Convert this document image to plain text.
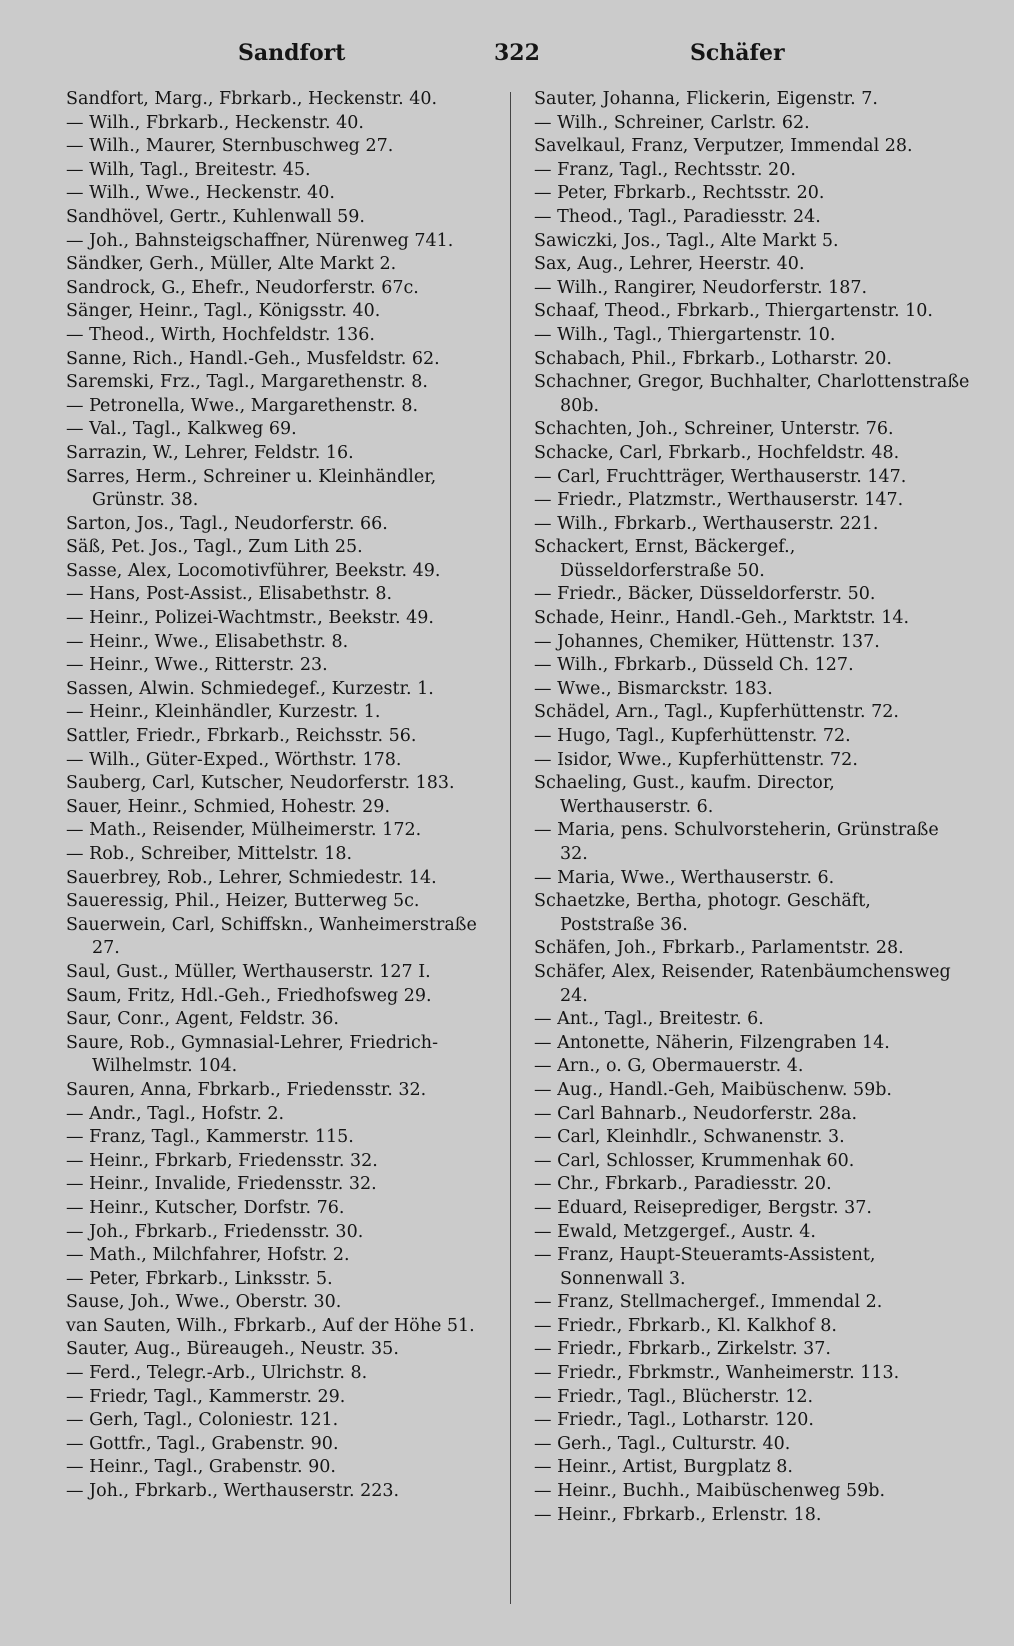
Sandfort	322	Schäfer

Sandfort, Marg., Fbrkarb., Heckenstr. 40.

— Wilh., Fbrkarb., Heckenstr. 40.

— Wilh., Maurer, Sternbuschweg 27.

— Wilh, Tagl., Breitestr. 45.

— Wilh., Wwe., Heckenstr. 40.

Sandhövel, Gertr., Kuhlenwall 59.

— Joh., Bahnsteigschaffner, Nürenweg 741.

Sändker, Gerh., Müller, Alte Markt 2.

Sandrock, G., Ehefr., Neudorferstr. 67c.

Sänger, Heinr., Tagl., Königsstr. 40.

— Theod., Wirth, Hochfeldstr. 136.

Sanne, Rich., Handl.-Geh., Musfeldstr. 62.

Saremski, Frz., Tagl., Margarethenstr. 8.

— Petronella, Wwe., Margarethenstr. 8.

— Val., Tagl., Kalkweg 69.

Sarrazin, W., Lehrer, Feldstr. 16.

Sarres, Herm., Schreiner u. Kleinhändler, Grünstr. 38.

Sarton, Jos., Tagl., Neudorferstr. 66.

Säß, Pet. Jos., Tagl., Zum Lith 25.

Sasse, Alex, Locomotivführer, Beekstr. 49.

— Hans, Post-Assist., Elisabethstr. 8.

— Heinr., Polizei-Wachtmstr., Beekstr. 49.

— Heinr., Wwe., Elisabethstr. 8.

— Heinr., Wwe., Ritterstr. 23.

Sassen, Alwin. Schmiedegef., Kurzestr. 1.

— Heinr., Kleinhändler, Kurzestr. 1.

Sattler, Friedr., Fbrkarb., Reichsstr. 56.

— Wilh., Güter-Exped., Wörthstr. 178.

Sauberg, Carl, Kutscher, Neudorferstr. 183.

Sauer, Heinr., Schmied, Hohestr. 29.

— Math., Reisender, Mülheimerstr. 172.

— Rob., Schreiber, Mittelstr. 18.

Sauerbrey, Rob., Lehrer, Schmiedestr. 14.

Saueressig, Phil., Heizer, Butterweg 5c.

Sauerwein, Carl, Schiffskn., Wanheimerstraße 27.

Saul, Gust., Müller, Werthauserstr. 127 I.

Saum, Fritz, Hdl.-Geh., Friedhofsweg 29.

Saur, Conr., Agent, Feldstr. 36.

Saure, Rob., Gymnasial-Lehrer, Friedrich-Wilhelmstr. 104.

Sauren, Anna, Fbrkarb., Friedensstr. 32.

— Andr., Tagl., Hofstr. 2.

— Franz, Tagl., Kammerstr. 115.

— Heinr., Fbrkarb, Friedensstr. 32.

— Heinr., Invalide, Friedensstr. 32.

— Heinr., Kutscher, Dorfstr. 76.

— Joh., Fbrkarb., Friedensstr. 30.

— Math., Milchfahrer, Hofstr. 2.

— Peter, Fbrkarb., Linksstr. 5.

Sause, Joh., Wwe., Oberstr. 30.

van Sauten, Wilh., Fbrkarb., Auf der Höhe 51.

Sauter, Aug., Büreaugeh., Neustr. 35.

— Ferd., Telegr.-Arb., Ulrichstr. 8.

— Friedr, Tagl., Kammerstr. 29.

— Gerh, Tagl., Coloniestr. 121.

— Gottfr., Tagl., Grabenstr. 90.

— Heinr., Tagl., Grabenstr. 90.

— Joh., Fbrkarb., Werthauserstr. 223.

Sauter, Johanna, Flickerin, Eigenstr. 7.

— Wilh., Schreiner, Carlstr. 62.

Savelkaul, Franz, Verputzer, Immendal 28.

— Franz, Tagl., Rechtsstr. 20.

— Peter, Fbrkarb., Rechtsstr. 20.

— Theod., Tagl., Paradiesstr. 24.

Sawiczki, Jos., Tagl., Alte Markt 5.

Sax, Aug., Lehrer, Heerstr. 40.

— Wilh., Rangirer, Neudorferstr. 187.

Schaaf, Theod., Fbrkarb., Thiergartenstr. 10.

— Wilh., Tagl., Thiergartenstr. 10.

Schabach, Phil., Fbrkarb., Lotharstr. 20.

Schachner, Gregor, Buchhalter, Charlottenstraße 80b.

Schachten, Joh., Schreiner, Unterstr. 76.

Schacke, Carl, Fbrkarb., Hochfeldstr. 48.

— Carl, Fruchtträger, Werthauserstr. 147.

— Friedr., Platzmstr., Werthauserstr. 147.

— Wilh., Fbrkarb., Werthauserstr. 221.

Schackert, Ernst, Bäckergef., Düsseldorferstraße 50.

— Friedr., Bäcker, Düsseldorferstr. 50.

Schade, Heinr., Handl.-Geh., Marktstr. 14.

— Johannes, Chemiker, Hüttenstr. 137.

— Wilh., Fbrkarb., Düsseld Ch. 127.

— Wwe., Bismarckstr. 183.

Schädel, Arn., Tagl., Kupferhüttenstr. 72.

— Hugo, Tagl., Kupferhüttenstr. 72.

— Isidor, Wwe., Kupferhüttenstr. 72.

Schaeling, Gust., kaufm. Director, Werthauserstr. 6.

— Maria, pens. Schulvorsteherin, Grünstraße 32.

— Maria, Wwe., Werthauserstr. 6.

Schaetzke, Bertha, photogr. Geschäft, Poststraße 36.

Schäfen, Joh., Fbrkarb., Parlamentstr. 28.

Schäfer, Alex, Reisender, Ratenbäumchensweg 24.

— Ant., Tagl., Breitestr. 6.

— Antonette, Näherin, Filzengraben 14.

— Arn., o. G, Obermauerstr. 4.

— Aug., Handl.-Geh, Maibüschenw. 59b.

— Carl Bahnarb., Neudorferstr. 28a.

— Carl, Kleinhdlr., Schwanenstr. 3.

— Carl, Schlosser, Krummenhak 60.

— Chr., Fbrkarb., Paradiesstr. 20.

— Eduard, Reiseprediger, Bergstr. 37.

— Ewald, Metzgergef., Austr. 4.

— Franz, Haupt-Steueramts-Assistent, Sonnenwall 3.

— Franz, Stellmachergef., Immendal 2.

— Friedr., Fbrkarb., Kl. Kalkhof 8.

— Friedr., Fbrkarb., Zirkelstr. 37.

— Friedr., Fbrkmstr., Wanheimerstr. 113.

— Friedr., Tagl., Blücherstr. 12.

— Friedr., Tagl., Lotharstr. 120.

— Gerh., Tagl., Culturstr. 40.

— Heinr., Artist, Burgplatz 8.

— Heinr., Buchh., Maibüschenweg 59b.

— Heinr., Fbrkarb., Erlenstr. 18.
